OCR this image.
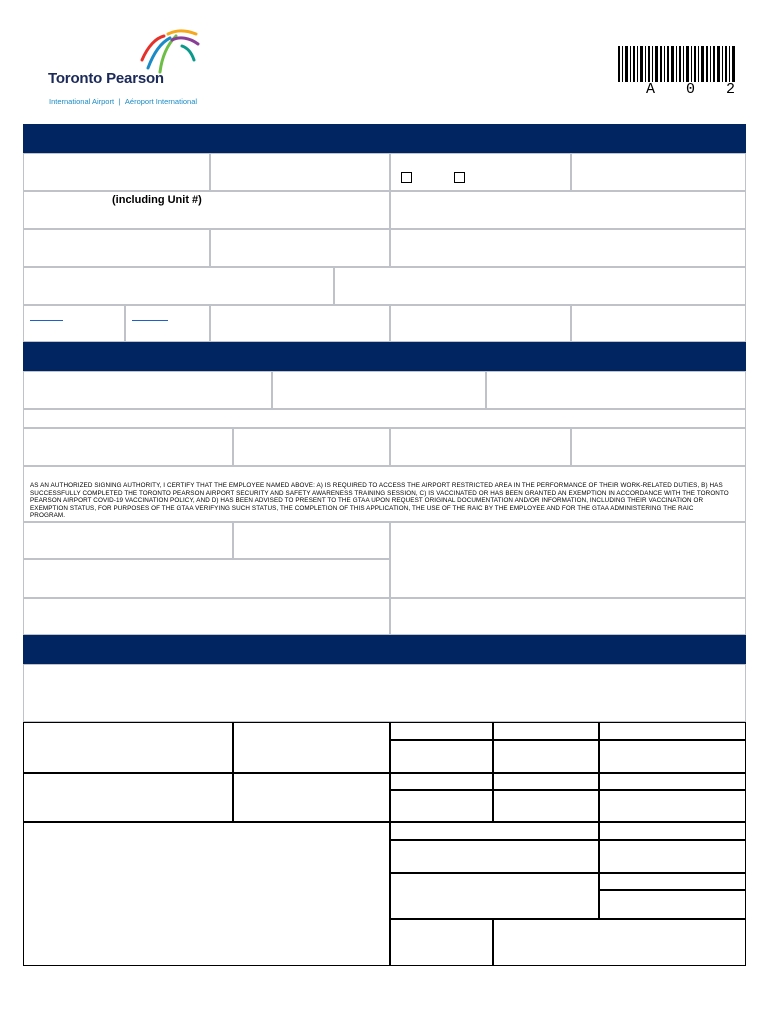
Toronto Pearson
International Airport | Aéroport International
A 0 2
(including Unit #)
AS AN AUTHORIZED SIGNING AUTHORITY, I CERTIFY THAT THE EMPLOYEE NAMED ABOVE: A) IS REQUIRED TO ACCESS THE AIRPORT RESTRICTED AREA IN THE PERFORMANCE OF THEIR WORK-RELATED DUTIES, B) HAS SUCCESSFULLY COMPLETED THE TORONTO PEARSON AIRPORT SECURITY AND SAFETY AWARENESS TRAINING SESSION, C) IS VACCINATED OR HAS BEEN GRANTED AN EXEMPTION IN ACCORDANCE WITH THE TORONTO PEARSON AIRPORT COVID-19 VACCINATION POLICY, AND D) HAS BEEN ADVISED TO PRESENT TO THE GTAA UPON REQUEST ORIGINAL DOCUMENTATION AND/OR INFORMATION, INCLUDING THEIR VACCINATION OR EXEMPTION STATUS, FOR PURPOSES OF THE GTAA VERIFYING SUCH STATUS, THE COMPLETION OF THIS APPLICATION, THE USE OF THE RAIC BY THE EMPLOYEE AND FOR THE GTAA ADMINISTERING THE RAIC PROGRAM.
